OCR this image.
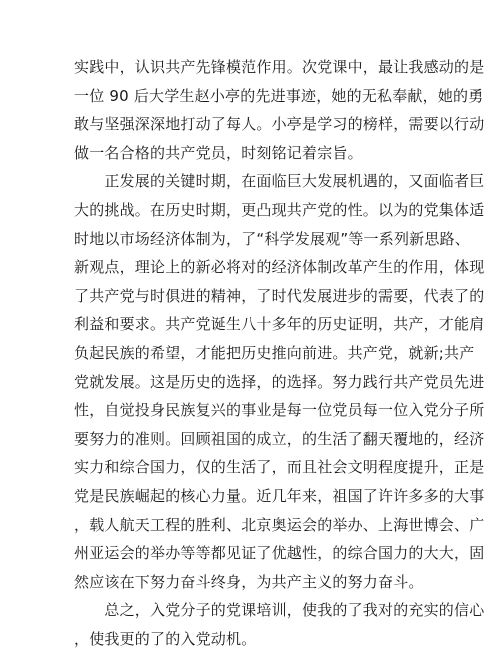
实践中，认识共产先锋模范作用。次党课中，最让我感动的是
一位 90 后大学生赵小亭的先进事迹，她的无私奉献，她的勇
敢与坚强深深地打动了每人。小亭是学习的榜样，需要以行动
做一名合格的共产党员，时刻铭记着宗旨。
　　正发展的关键时期，在面临巨大发展机遇的，又面临者巨
大的挑战。在历史时期，更凸现共产党的性。以为的党集体适
时地以市场经济体制为，了“科学发展观”等一系列新思路、
新观点，理论上的新必将对的经济体制改革产生的作用，体现
了共产党与时俱进的精神，了时代发展进步的需要，代表了的
利益和要求。共产党诞生八十多年的历史证明，共产，才能肩
负起民族的希望，才能把历史推向前进。共产党，就新;共产
党就发展。这是历史的选择，的选择。努力践行共产党员先进
性，自觉投身民族复兴的事业是每一位党员每一位入党分子所
要努力的准则。回顾祖国的成立，的生活了翻天覆地的，经济
实力和综合国力，仅的生活了，而且社会文明程度提升，正是
党是民族崛起的核心力量。近几年来，祖国了许许多多的大事
，载人航天工程的胜利、北京奥运会的举办、上海世博会、广
州亚运会的举办等等都见证了优越性，的综合国力的大大，固
然应该在下努力奋斗终身，为共产主义的努力奋斗。
　　总之，入党分子的党课培训，使我的了我对的充实的信心
，使我更的了的入党动机。
